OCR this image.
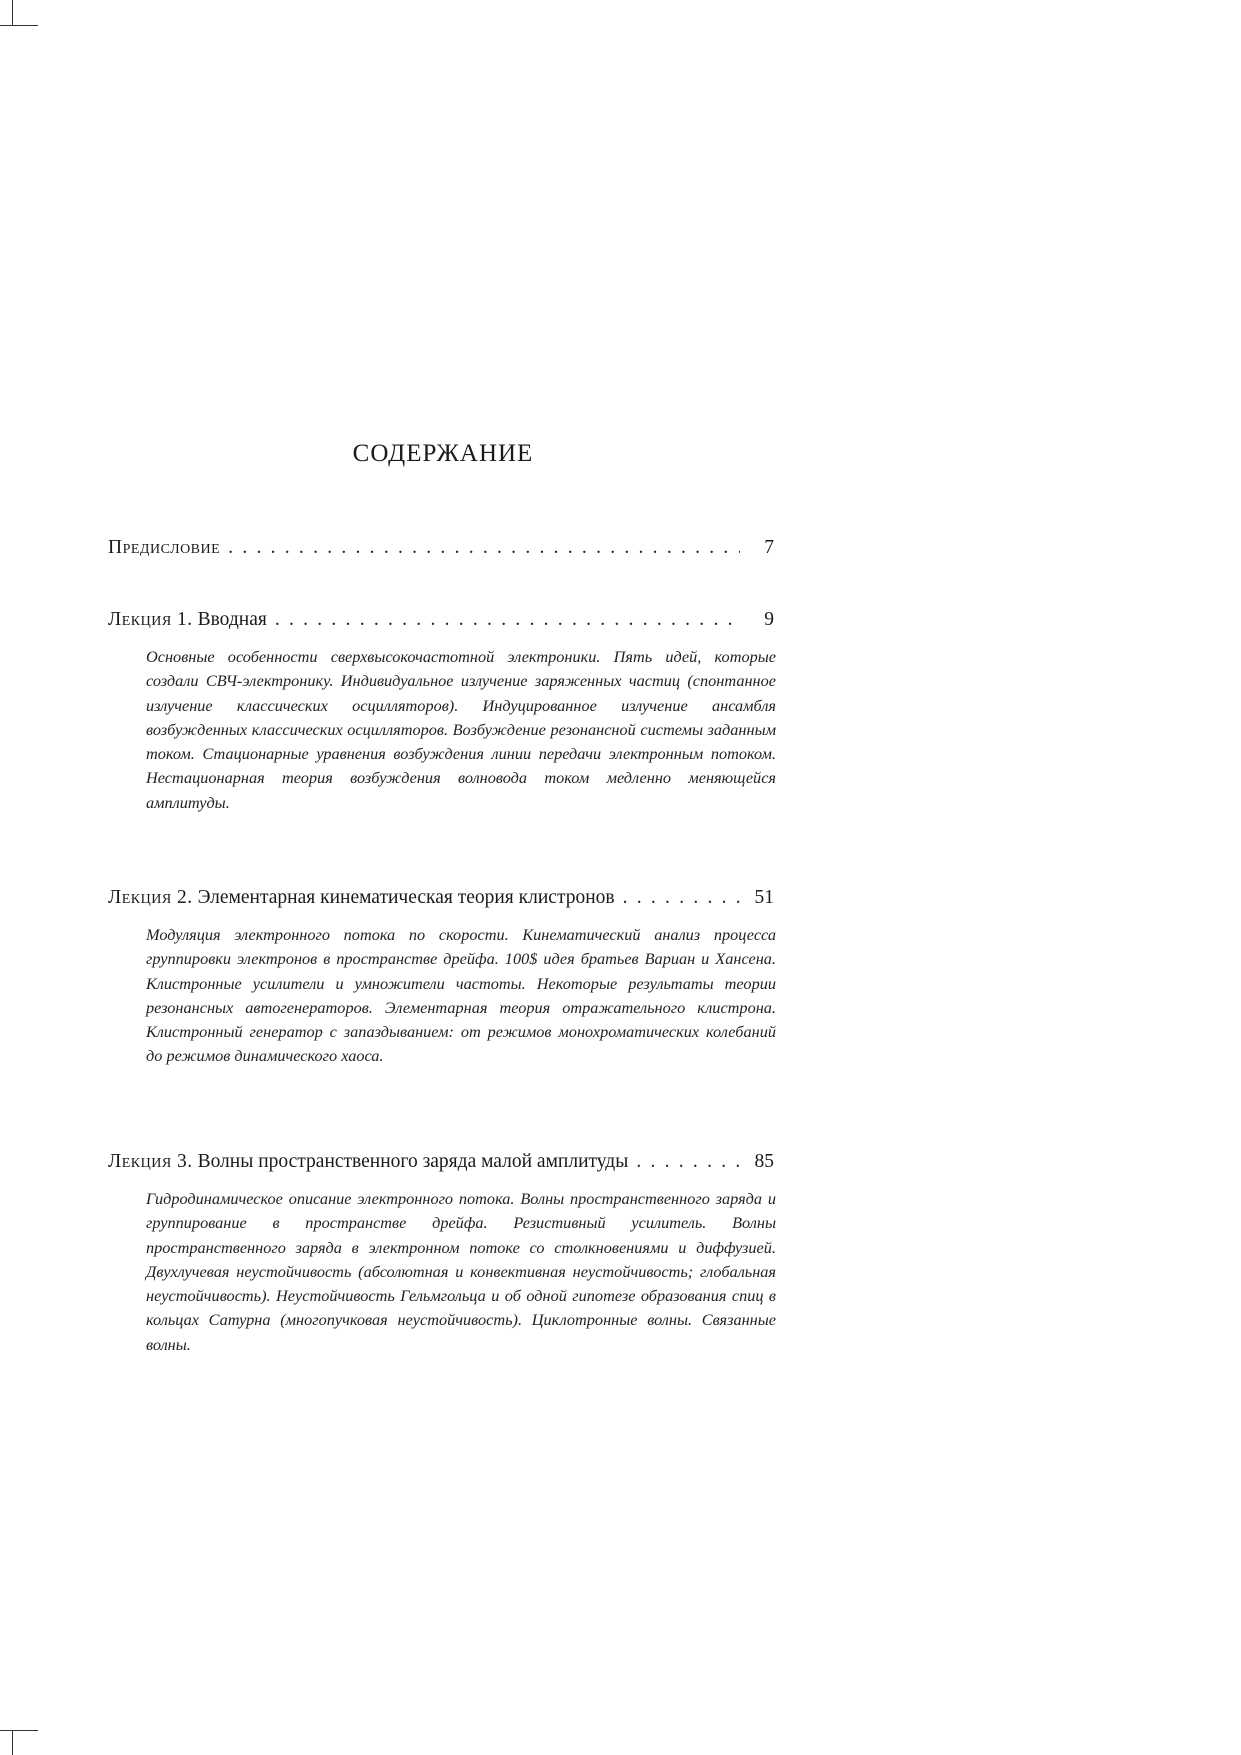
СОДЕРЖАНИЕ
Предисловие . . .	7
Лекция 1. Вводная . . .	9
Основные особенности сверхвысокочастотной электроники. Пять идей, которые создали СВЧ-электронику. Индивидуальное излучение заряженных частиц (спонтанное излучение классических осцилляторов). Индуцированное излучение ансамбля возбужденных классических осцилляторов. Возбуждение резонансной системы заданным током. Стационарные уравнения возбуждения линии передачи электронным потоком. Нестационарная теория возбуждения волновода током медленно меняющейся амплитуды.
Лекция 2. Элементарная кинематическая теория клистронов . . .	51
Модуляция электронного потока по скорости. Кинематический анализ процесса группировки электронов в пространстве дрейфа. 100$ идея братьев Вариан и Хансена. Клистронные усилители и умножители частоты. Некоторые результаты теории резонансных автогенераторов. Элементарная теория отражательного клистрона. Клистронный генератор с запаздыванием: от режимов монохроматических колебаний до режимов динамического хаоса.
Лекция 3. Волны пространственного заряда малой амплитуды . . .	85
Гидродинамическое описание электронного потока. Волны пространственного заряда и группирование в пространстве дрейфа. Резистивный усилитель. Волны пространственного заряда в электронном потоке со столкновениями и диффузией. Двухлучевая неустойчивость (абсолютная и конвективная неустойчивость; глобальная неустойчивость). Неустойчивость Гельмгольца и об одной гипотезе образования спиц в кольцах Сатурна (многопучковая неустойчивость). Циклотронные волны. Связанные волны.
